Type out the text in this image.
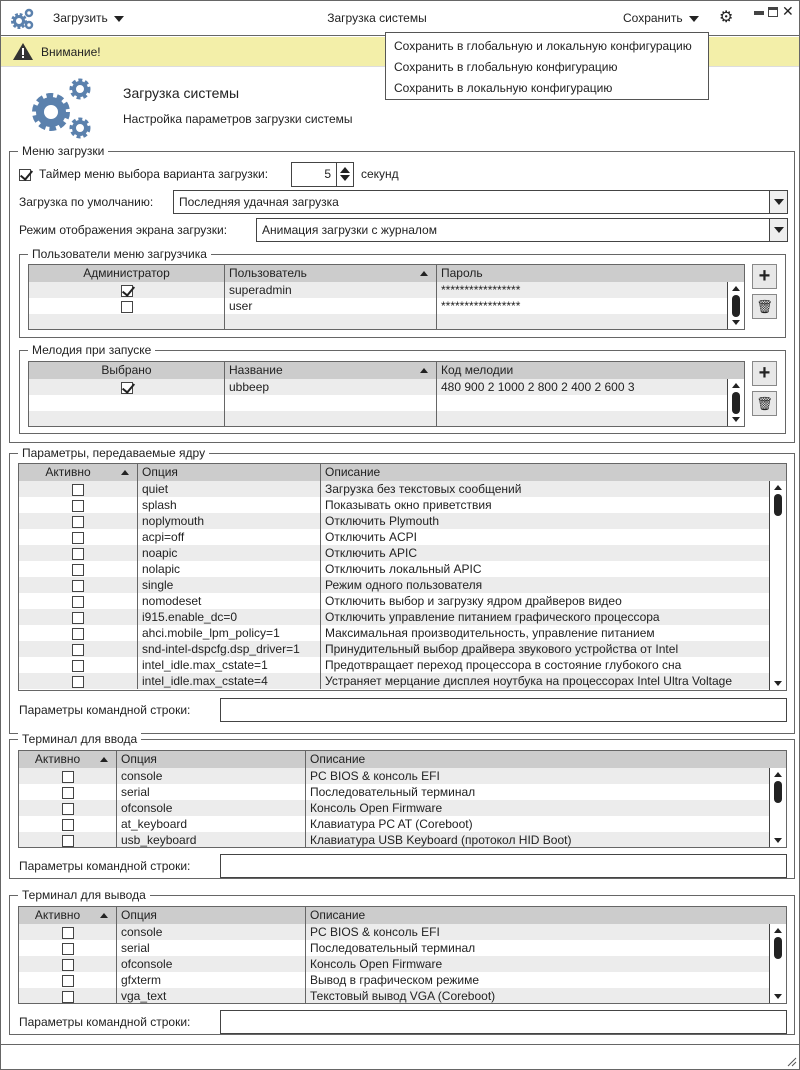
Загрузить	Загрузка системы	Сохранить	⚙	✕
Сохранить в глобальную и локальную конфигурацию
Сохранить в глобальную конфигурацию
Сохранить в локальную конфигурацию
Внимание!
Загрузка системы
Настройка параметров загрузки системы
Меню загрузки
Таймер меню выбора варианта загрузки:	5	секунд
Загрузка по умолчанию:	Последняя удачная загрузка
Режим отображения экрана загрузки:	Анимация загрузки с журналом
Пользователи меню загрузчика
Администратор	Пользователь	Пароль
superadmin	*****************
user	*****************
+
🗑
Мелодия при запуске
Выбрано	Название	Код мелодии
ubbeep	480 900 2 1000 2 800 2 400 2 600 3
+
🗑
Параметры, передаваемые ядру
Активно	Опция	Описание
quiet	Загрузка без текстовых сообщений
splash	Показывать окно приветствия
noplymouth	Отключить Plymouth
acpi=off	Отключить ACPI
noapic	Отключить APIC
nolapic	Отключить локальный APIC
single	Режим одного пользователя
nomodeset	Отключить выбор и загрузку ядром драйверов видео
i915.enable_dc=0	Отключить управление питанием графического процессора
ahci.mobile_lpm_policy=1	Максимальная производительность, управление питанием
snd-intel-dspcfg.dsp_driver=1	Принудительный выбор драйвера звукового устройства от Intel
intel_idle.max_cstate=1	Предотвращает переход процессора в состояние глубокого сна
intel_idle.max_cstate=4	Устраняет мерцание дисплея ноутбука на процессорах Intel Ultra Voltage
Параметры командной строки:
Терминал для ввода
Активно	Опция	Описание
console	PC BIOS & консоль EFI
serial	Последовательный терминал
ofconsole	Консоль Open Firmware
at_keyboard	Клавиатура PC AT (Coreboot)
usb_keyboard	Клавиатура USB Keyboard (протокол HID Boot)
Параметры командной строки:
Терминал для вывода
Активно	Опция	Описание
console	PC BIOS & консоль EFI
serial	Последовательный терминал
ofconsole	Консоль Open Firmware
gfxterm	Вывод в графическом режиме
vga_text	Текстовый вывод VGA (Coreboot)
Параметры командной строки:
